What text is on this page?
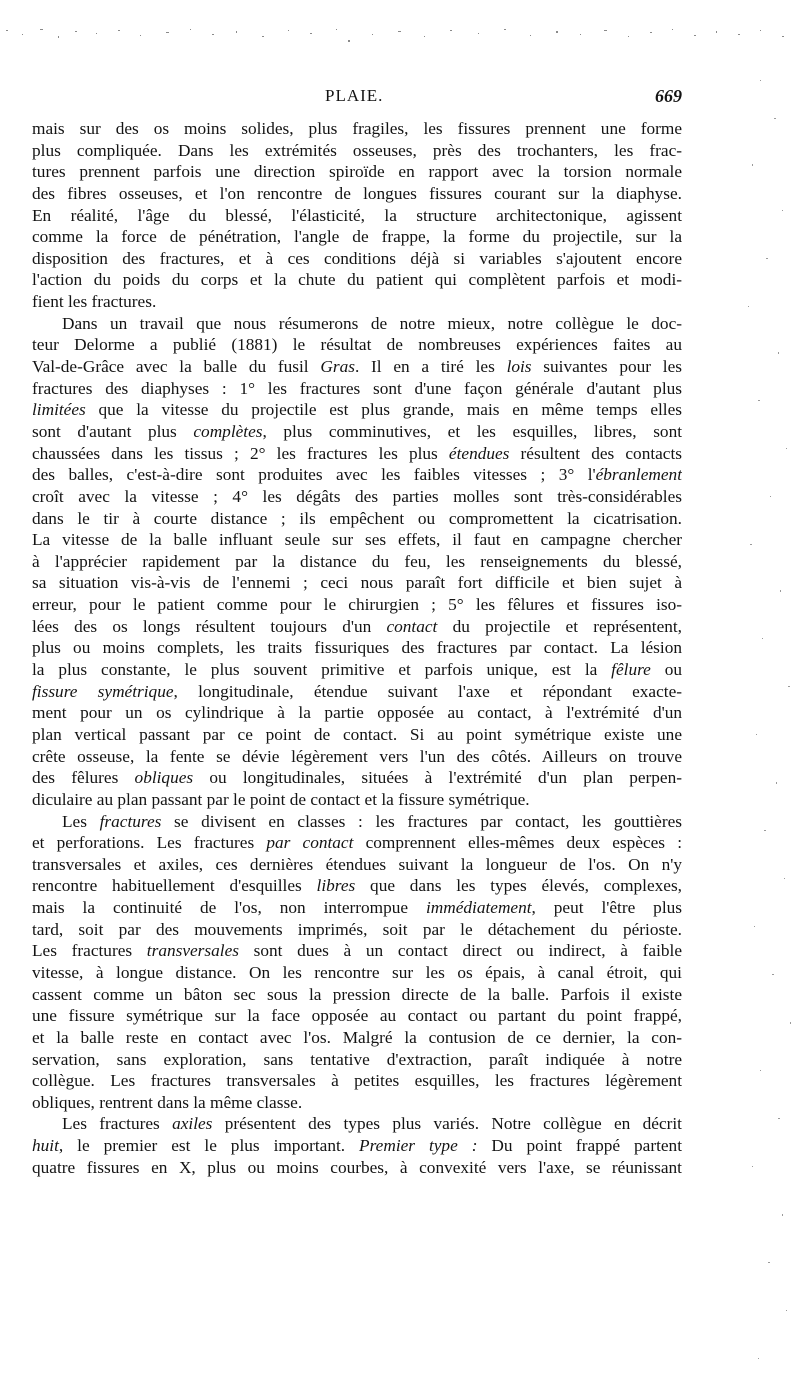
PLAIE.	669
mais sur des os moins solides, plus fragiles, les fissures prennent une forme
plus compliquée. Dans les extrémités osseuses, près des trochanters, les frac-
tures prennent parfois une direction spiroïde en rapport avec la torsion normale
des fibres osseuses, et l'on rencontre de longues fissures courant sur la diaphyse.
En réalité, l'âge du blessé, l'élasticité, la structure architectonique, agissent
comme la force de pénétration, l'angle de frappe, la forme du projectile, sur la
disposition des fractures, et à ces conditions déjà si variables s'ajoutent encore
l'action du poids du corps et la chute du patient qui complètent parfois et modi-
fient les fractures.
Dans un travail que nous résumerons de notre mieux, notre collègue le doc-
teur Delorme a publié (1881) le résultat de nombreuses expériences faites au
Val-de-Grâce avec la balle du fusil Gras. Il en a tiré les lois suivantes pour les
fractures des diaphyses : 1° les fractures sont d'une façon générale d'autant plus
limitées que la vitesse du projectile est plus grande, mais en même temps elles
sont d'autant plus complètes, plus comminutives, et les esquilles, libres, sont
chaussées dans les tissus ; 2° les fractures les plus étendues résultent des contacts
des balles, c'est-à-dire sont produites avec les faibles vitesses ; 3° l'ébranlement
croît avec la vitesse ; 4° les dégâts des parties molles sont très-considérables
dans le tir à courte distance ; ils empêchent ou compromettent la cicatrisation.
La vitesse de la balle influant seule sur ses effets, il faut en campagne chercher
à l'apprécier rapidement par la distance du feu, les renseignements du blessé,
sa situation vis-à-vis de l'ennemi ; ceci nous paraît fort difficile et bien sujet à
erreur, pour le patient comme pour le chirurgien ; 5° les fêlures et fissures iso-
lées des os longs résultent toujours d'un contact du projectile et représentent,
plus ou moins complets, les traits fissuriques des fractures par contact. La lésion
la plus constante, le plus souvent primitive et parfois unique, est la fêlure ou
fissure symétrique, longitudinale, étendue suivant l'axe et répondant exacte-
ment pour un os cylindrique à la partie opposée au contact, à l'extrémité d'un
plan vertical passant par ce point de contact. Si au point symétrique existe une
crête osseuse, la fente se dévie légèrement vers l'un des côtés. Ailleurs on trouve
des fêlures obliques ou longitudinales, situées à l'extrémité d'un plan perpen-
diculaire au plan passant par le point de contact et la fissure symétrique.
Les fractures se divisent en classes : les fractures par contact, les gouttières
et perforations. Les fractures par contact comprennent elles-mêmes deux espèces :
transversales et axiles, ces dernières étendues suivant la longueur de l'os. On n'y
rencontre habituellement d'esquilles libres que dans les types élevés, complexes,
mais la continuité de l'os, non interrompue immédiatement, peut l'être plus
tard, soit par des mouvements imprimés, soit par le détachement du périoste.
Les fractures transversales sont dues à un contact direct ou indirect, à faible
vitesse, à longue distance. On les rencontre sur les os épais, à canal étroit, qui
cassent comme un bâton sec sous la pression directe de la balle. Parfois il existe
une fissure symétrique sur la face opposée au contact ou partant du point frappé,
et la balle reste en contact avec l'os. Malgré la contusion de ce dernier, la con-
servation, sans exploration, sans tentative d'extraction, paraît indiquée à notre
collègue. Les fractures transversales à petites esquilles, les fractures légèrement
obliques, rentrent dans la même classe.
Les fractures axiles présentent des types plus variés. Notre collègue en décrit
huit, le premier est le plus important. Premier type : Du point frappé partent
quatre fissures en X, plus ou moins courbes, à convexité vers l'axe, se réunissant
